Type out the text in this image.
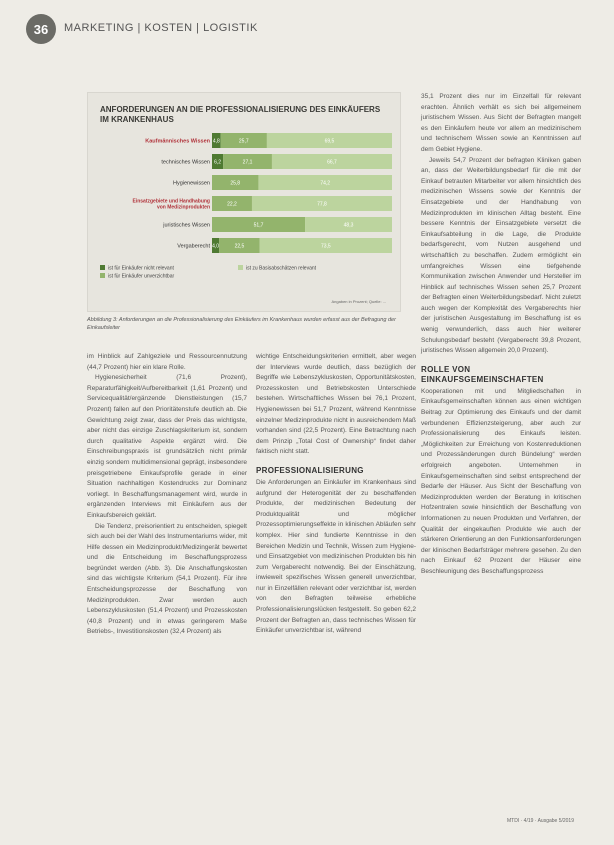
36 MARKETING | KOSTEN | LOGISTIK
ANFORDERUNGEN AN DIE PROFESSIONALISIERUNG DES EINKÄUFERS IM KRANKENHAUS
Kaufmännisches Wissen 4,8	25,7	69,5
technisches Wissen 6,2	27,1	66,7
Hygienewissen	25,8	74,2
Einsatzgebiete und Handhabung
von Medizinprodukten	22,2	77,8
juristisches Wissen	51,7	48,3
Vergaberecht 4,0	22,5	73,5
ist für Einkäufer nicht relevant
ist für Einkäufer unverzichtbar
ist zu Basisabschätzen relevant
Angaben in Prozent; Quelle: ...
Abbildung 3: Anforderungen an die Professionalisierung des Einkäufers im Krankenhaus wurden erfasst aus der Befragung der Einkaufsleiter

im Hinblick auf Zahlgeziele und Ressourcennutzung (44,7 Prozent) hier ein klare Rolle.

Hygienesicherheit (71,6 Prozent), Reparaturfähigkeit/Aufbereitbarkeit (1,61 Prozent) und Servicequalität/ergänzende Dienstleistungen (15,7 Prozent) fallen auf den Prioritätenstufe deutlich ab. Die Gewichtung zeigt zwar, dass der Preis das wichtigste, aber nicht das einzige Zuschlagskriterium ist, sondern durch qualitative Aspekte ergänzt wird. Die Einschreibungspraxis ist grundsätzlich nicht primär einzig sondern multidimensional geprägt, insbesondere preisgetriebene Einkaufsprofile gerade in einer Situation nachhaltigen Kostendrucks zur Dominanz vorliegt. In Beschaffungsmanagement wird, wurde in ergänzenden Interviews mit Einkäufern aus der Einkaufsbereich geklärt.

Die Tendenz, preisorientiert zu entscheiden, spiegelt sich auch bei der Wahl des Instrumentariums wider, mit Hilfe dessen ein Medizinprodukt/Medizingerät bewertet und die Entscheidung im Beschaffungsprozess begründet werden (Abb. 3). Die Anschaffungskosten sind das wichtigste Kriterium (54,1 Prozent). Für ihre Entscheidungsprozesse der Beschaffung von Medizinprodukten. Zwar werden auch Lebenszykluskosten (51,4 Prozent) und Prozesskosten (40,8 Prozent) und in etwas geringerem Maße Betriebs-, Investitionskosten (32,4 Prozent) als

wichtige Entscheidungskriterien ermittelt, aber wegen der Interviews wurde deutlich, dass bezüglich der Begriffe wie Lebenszykluskosten, Opportunitätskosten, Prozesskosten und Betriebskosten Unterschiede bestehen. Wirtschaftliches Wissen bei 76,1 Prozent, Hygienewissen bei 51,7 Prozent, während Kenntnisse einzelner Medizinprodukte nicht in ausreichendem Maß vorhanden sind (22,5 Prozent). Eine Betrachtung nach dem Prinzip „Total Cost of Ownership“ findet daher faktisch nicht statt.

PROFESSIONALISIERUNG

Die Anforderungen an Einkäufer im Krankenhaus sind aufgrund der Heterogenität der zu beschaffenden Produkte, der medizinischen Bedeutung der Produktqualität und möglicher Prozessoptimierungseffekte in klinischen Abläufen sehr komplex. Hier sind fundierte Kenntnisse in den Bereichen Medizin und Technik, Wissen zum Hygiene- und Einsatzgebiet von medizinischen Produkten bis hin zum Vergaberecht notwendig. Bei der Einschätzung, inwieweit spezifisches Wissen generell unverzichtbar, nur in Einzelfällen relevant oder verzichtbar ist, werden von den Befragten teilweise erhebliche Professionalisierungslücken festgestellt. So geben 62,2 Prozent der Befragten an, dass technisches Wissen für Einkäufer unverzichtbar ist, während

35,1 Prozent dies nur im Einzelfall für relevant erachten. Ähnlich verhält es sich bei allgemeinem juristischem Wissen. Aus Sicht der Befragten mangelt es den Einkäufern heute vor allem an medizinischem und technischem Wissen sowie an Kenntnissen auf dem Gebiet Hygiene.

Jeweils 54,7 Prozent der befragten Kliniken gaben an, dass der Weiterbildungsbedarf für die mit der Einkauf betrauten Mitarbeiter vor allem hinsichtlich des medizinischen Wissens sowie der Kenntnis der Einsatzgebiete und der Handhabung von Medizinprodukten im klinischen Alltag besteht. Eine bessere Kenntnis der Einsatzgebiete versetzt die Einkaufsabteilung in die Lage, die Produkte bedarfsgerecht, vom Nutzen ausgehend und wirtschaftlich zu beschaffen. Zudem ermöglicht ein umfangreiches Wissen eine tiefgehende Kommunikation zwischen Anwender und Hersteller im Hinblick auf technisches Wissen sehen 25,7 Prozent der Befragten einen Weiterbildungsbedarf. Nicht zuletzt auch wegen der Komplexität des Vergaberechts hier der juristischen Ausgestaltung im Beschaffung ist es wenig verwunderlich, dass auch hier weiterer Schulungsbedarf besteht (Vergaberecht 39,8 Prozent, juristisches Wissen allgemein 20,0 Prozent).

ROLLE VON EINKAUFSGEMEINSCHAFTEN

Kooperationen mit und Mitgliedschaften in Einkaufsgemeinschaften können aus einen wichtigen Beitrag zur Optimierung des Einkaufs und der damit verbundenen Effizienzsteigerung, aber auch zur Professionalisierung des Einkaufs leisten. „Möglichkeiten zur Erreichung von Kostenreduktionen und Prozessänderungen durch Bündelung“ werden erfolgreich angeboten. Unternehmen in Einkaufsgemeinschaften sind selbst entsprechend der Bedarfe der Häuser. Aus Sicht der Beschaffung von Medizinprodukten werden der Beratung in kritischen Hofzentralen sowie hinsichtlich der Beschaffung von Informationen zu neuen Produkten und Verfahren, der Qualität der eingekauften Produkte wie auch der stärkeren Orientierung an den Funktionsanforderungen der klinischen Bedarfsträger mehrere gesehen. Zu den nach Einkauf 62 Prozent der Häuser eine Beschleunigung des Beschaffungsprozess

MTDI · 4/19 · Ausgabe 5/2019
